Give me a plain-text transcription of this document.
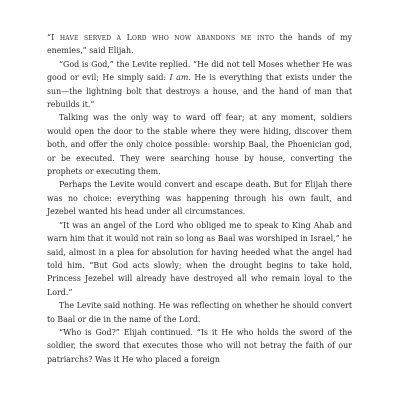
“I have served a Lord who now abandons me into the hands of my enemies,” said Elijah.

“God is God,” the Levite replied. “He did not tell Moses whether He was good or evil; He simply said: I am. He is everything that exists under the sun—the lightning bolt that destroys a house, and the hand of man that rebuilds it.”

Talking was the only way to ward off fear; at any moment, soldiers would open the door to the stable where they were hiding, discover them both, and offer the only choice possible: worship Baal, the Phoenician god, or be executed. They were searching house by house, converting the prophets or executing them.

Perhaps the Levite would convert and escape death. But for Elijah there was no choice: everything was happening through his own fault, and Jezebel wanted his head under all circumstances.

“It was an angel of the Lord who obliged me to speak to King Ahab and warn him that it would not rain so long as Baal was worshiped in Israel,” he said, almost in a plea for absolution for having heeded what the angel had told him. “But God acts slowly; when the drought begins to take hold, Princess Jezebel will already have destroyed all who remain loyal to the Lord.”

The Levite said nothing. He was reflecting on whether he should convert to Baal or die in the name of the Lord.

“Who is God?” Elijah continued. “Is it He who holds the sword of the soldier, the sword that executes those who will not betray the faith of our patriarchs? Was it He who placed a foreign
